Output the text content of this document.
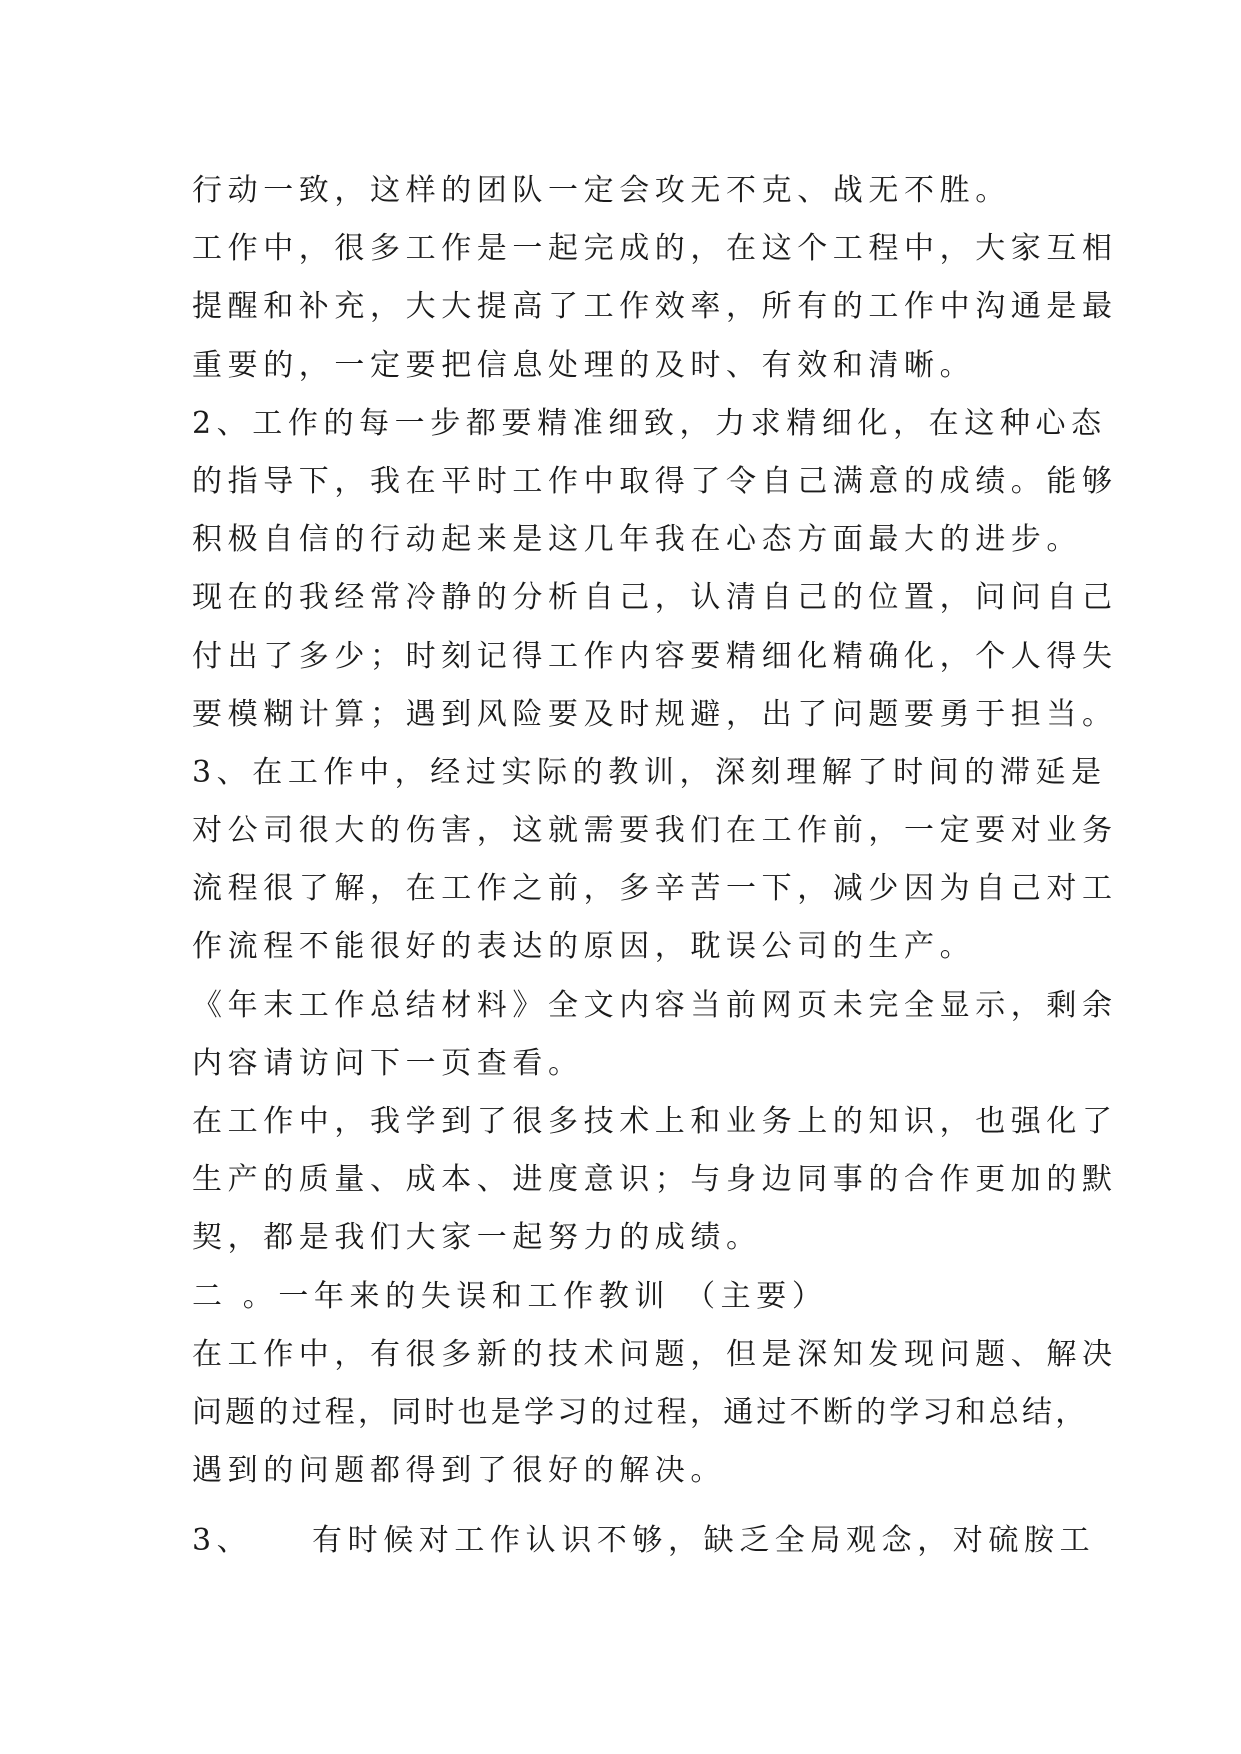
行动一致，这样的团队一定会攻无不克、战无不胜。
工作中，很多工作是一起完成的，在这个工程中，大家互相
提醒和补充，大大提高了工作效率，所有的工作中沟通是最
重要的，一定要把信息处理的及时、有效和清晰。
2、工作的每一步都要精准细致，力求精细化，在这种心态
的指导下，我在平时工作中取得了令自己满意的成绩。能够
积极自信的行动起来是这几年我在心态方面最大的进步。
现在的我经常冷静的分析自己，认清自己的位置，问问自己
付出了多少；时刻记得工作内容要精细化精确化，个人得失
要模糊计算；遇到风险要及时规避，出了问题要勇于担当。
3、在工作中，经过实际的教训，深刻理解了时间的滞延是
对公司很大的伤害，这就需要我们在工作前，一定要对业务
流程很了解，在工作之前，多辛苦一下，减少因为自己对工
作流程不能很好的表达的原因，耽误公司的生产。
《年末工作总结材料》全文内容当前网页未完全显示，剩余
内容请访问下一页查看。
在工作中，我学到了很多技术上和业务上的知识，也强化了
生产的质量、成本、进度意识；与身边同事的合作更加的默
契，都是我们大家一起努力的成绩。
二 。一年来的失误和工作教训 （主要）
在工作中，有很多新的技术问题，但是深知发现问题、解决
问题的过程，同时也是学习的过程，通过不断的学习和总结，
遇到的问题都得到了很好的解决。
3、 有时候对工作认识不够，缺乏全局观念，对硫胺工
